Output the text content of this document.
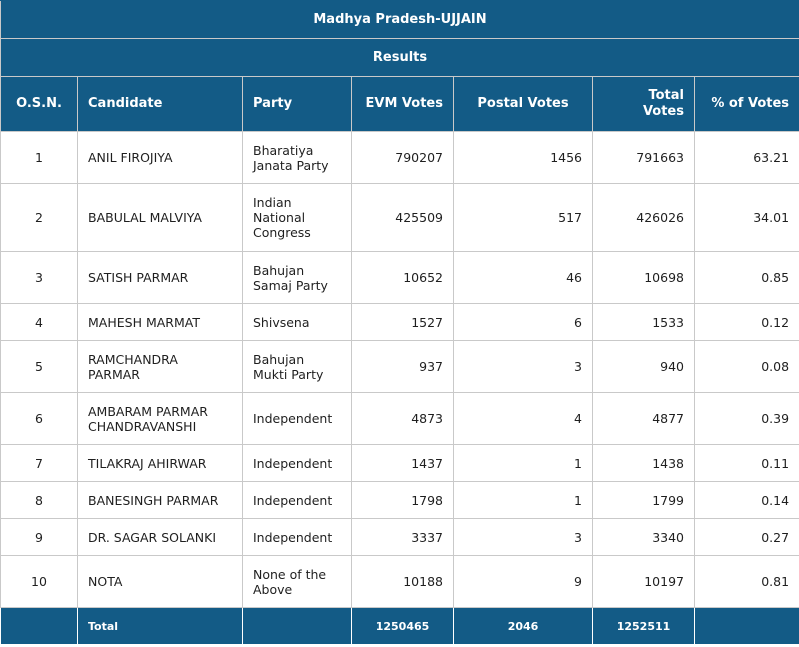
Madhya Pradesh-UJJAIN						
Results						
O.S.N.	Candidate	Party	EVM Votes	Postal Votes	Total Votes	% of Votes
1	ANIL FIROJIYA	Bharatiya Janata Party	790207	1456	791663	63.21
2	BABULAL MALVIYA	Indian National Congress	425509	517	426026	34.01
3	SATISH PARMAR	Bahujan Samaj Party	10652	46	10698	0.85
4	MAHESH MARMAT	Shivsena	1527	6	1533	0.12
5	RAMCHANDRA PARMAR	Bahujan Mukti Party	937	3	940	0.08
6	AMBARAM PARMAR CHANDRAVANSHI	Independent	4873	4	4877	0.39
7	TILAKRAJ AHIRWAR	Independent	1437	1	1438	0.11
8	BANESINGH PARMAR	Independent	1798	1	1799	0.14
9	DR. SAGAR SOLANKI	Independent	3337	3	3340	0.27
10	NOTA	None of the Above	10188	9	10197	0.81
	Total		1250465	2046	1252511	
